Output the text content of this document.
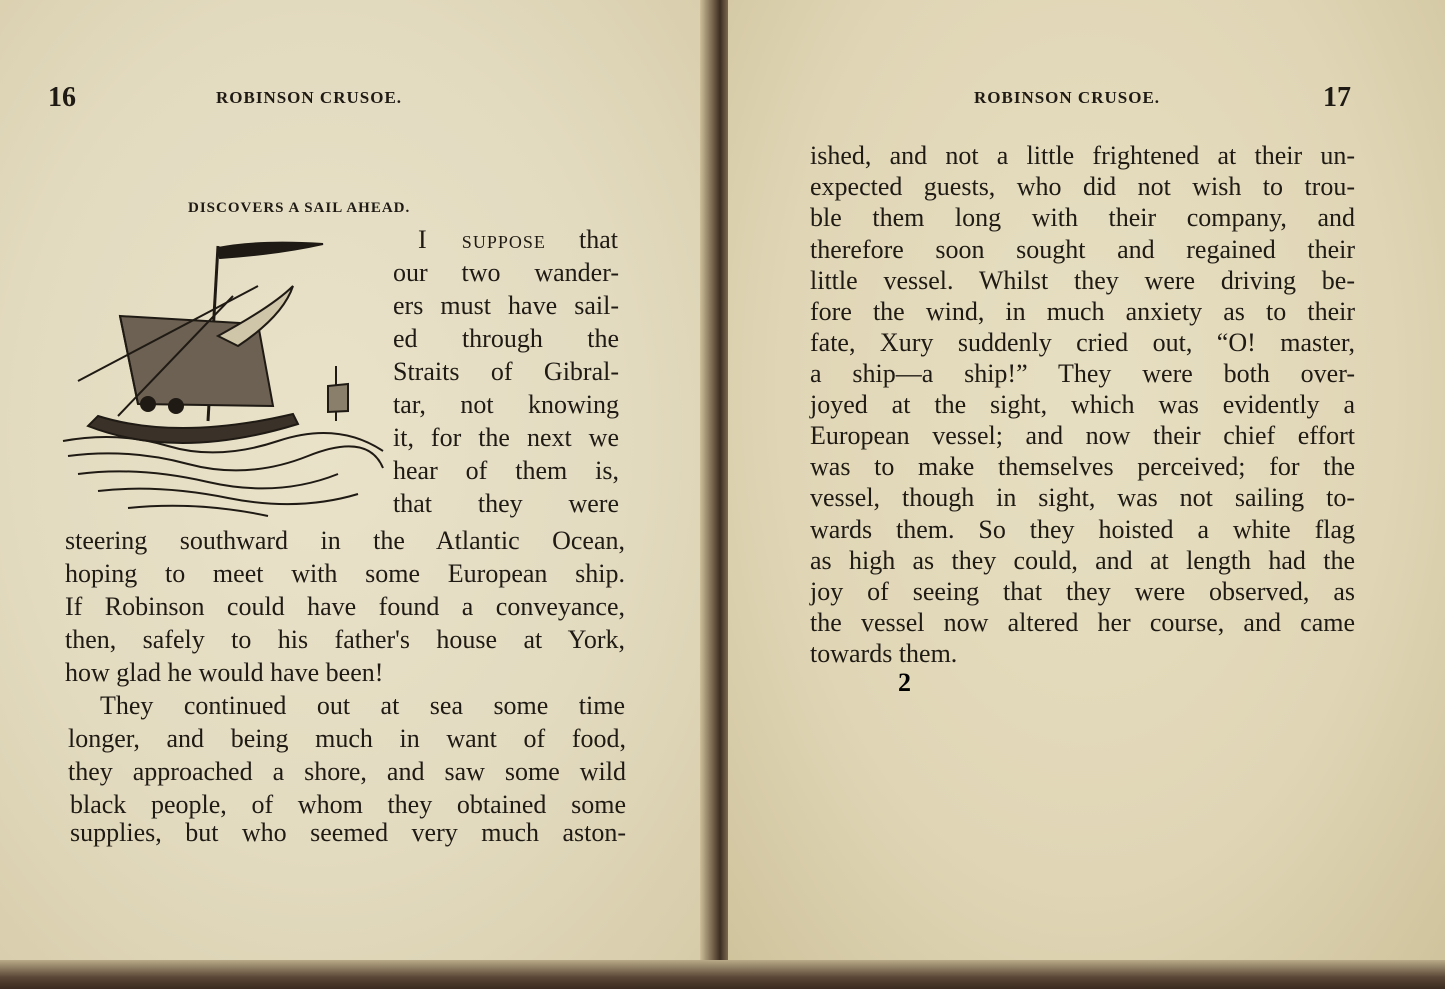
16	ROBINSON CRUSOE.
DISCOVERS A SAIL AHEAD.
I suppose that
our two wander-
ers must have sail-
ed through the
Straits of Gibral-
tar, not knowing
it, for the next we
hear of them is,
that they were
steering southward in the Atlantic Ocean,
hoping to meet with some European ship.
If Robinson could have found a conveyance,
then, safely to his father's house at York,
how glad he would have been!
They continued out at sea some time
longer, and being much in want of food,
they approached a shore, and saw some wild
black people, of whom they obtained some
supplies, but who seemed very much aston-
ROBINSON CRUSOE.	17
ished, and not a little frightened at their un-
expected guests, who did not wish to trou-
ble them long with their company, and
therefore soon sought and regained their
little vessel. Whilst they were driving be-
fore the wind, in much anxiety as to their
fate, Xury suddenly cried out, “O! master,
a ship—a ship!” They were both over-
joyed at the sight, which was evidently a
European vessel; and now their chief effort
was to make themselves perceived; for the
vessel, though in sight, was not sailing to-
wards them. So they hoisted a white flag
as high as they could, and at length had the
joy of seeing that they were observed, as
the vessel now altered her course, and came
towards them.
2
